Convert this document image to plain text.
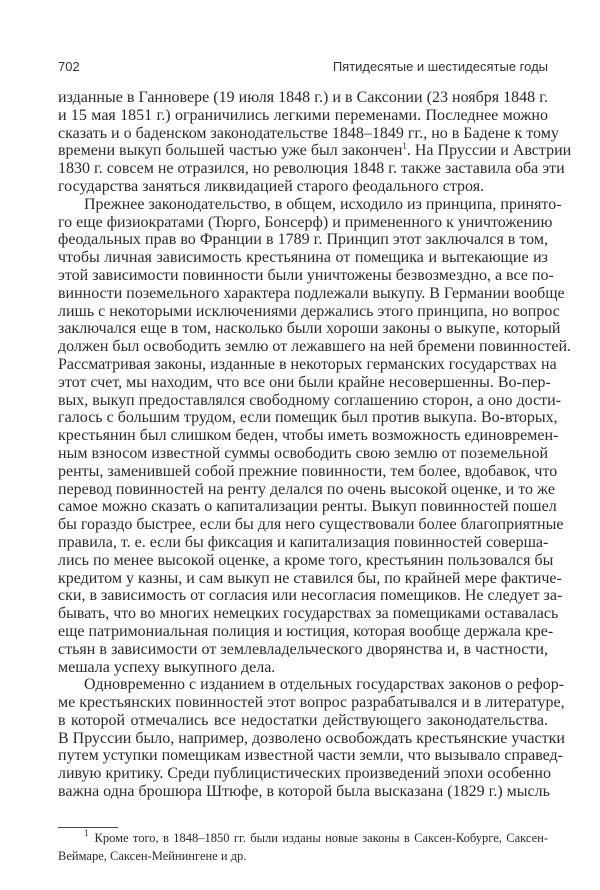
702	Пятидесятые и шестидесятые годы
изданные в Ганновере (19 июля 1848 г.) и в Саксонии (23 ноября 1848 г.
и 15 мая 1851 г.) ограничились легкими переменами. Последнее можно
сказать и о баденском законодательстве 1848–1849 гг., но в Бадене к тому
времени выкуп большей частью уже был закончен$^1$. На Пруссии и Австрии
1830 г. совсем не отразился, но революция 1848 г. также заставила оба эти
государства заняться ликвидацией старого феодального строя.
Прежнее законодательство, в общем, исходило из принципа, принято-
го еще физиократами (Тюрго, Бонсерф) и примененного к уничтожению
феодальных прав во Франции в 1789 г. Принцип этот заключался в том,
чтобы личная зависимость крестьянина от помещика и вытекающие из
этой зависимости повинности были уничтожены безвозмездно, а все по-
винности поземельного характера подлежали выкупу. В Германии вообще
лишь с некоторыми исключениями держались этого принципа, но вопрос
заключался еще в том, насколько были хороши законы о выкупе, который
должен был освободить землю от лежавшего на ней бремени повинностей.
Рассматривая законы, изданные в некоторых германских государствах на
этот счет, мы находим, что все они были крайне несовершенны. Во-пер-
вых, выкуп предоставлялся свободному соглашению сторон, а оно дости-
галось с большим трудом, если помещик был против выкупа. Во-вторых,
крестьянин был слишком беден, чтобы иметь возможность единовремен-
ным взносом известной суммы освободить свою землю от поземельной
ренты, заменившей собой прежние повинности, тем более, вдобавок, что
перевод повинностей на ренту делался по очень высокой оценке, и то же
самое можно сказать о капитализации ренты. Выкуп повинностей пошел
бы гораздо быстрее, если бы для него существовали более благоприятные
правила, т. е. если бы фиксация и капитализация повинностей соверша-
лись по менее высокой оценке, а кроме того, крестьянин пользовался бы
кредитом у казны, и сам выкуп не ставился бы, по крайней мере фактиче-
ски, в зависимость от согласия или несогласия помещиков. Не следует за-
бывать, что во многих немецких государствах за помещиками оставалась
еще патримониальная полиция и юстиция, которая вообще держала кре-
стьян в зависимости от землевладельческого дворянства и, в частности,
мешала успеху выкупного дела.
Одновременно с изданием в отдельных государствах законов о рефор-
ме крестьянских повинностей этот вопрос разрабатывался и в литературе,
в которой отмечались все недостатки действующего законодательства.
В Пруссии было, например, дозволено освобождать крестьянские участки
путем уступки помещикам известной части земли, что вызывало справед-
ливую критику. Среди публицистических произведений эпохи особенно
важна одна брошюра Штюфе, в которой была высказана (1829 г.) мысль
$^1$ Кроме того, в 1848–1850 гг. были изданы новые законы в Саксен-Кобурге, Саксен-
Веймаре, Саксен-Мейнингене и др.
